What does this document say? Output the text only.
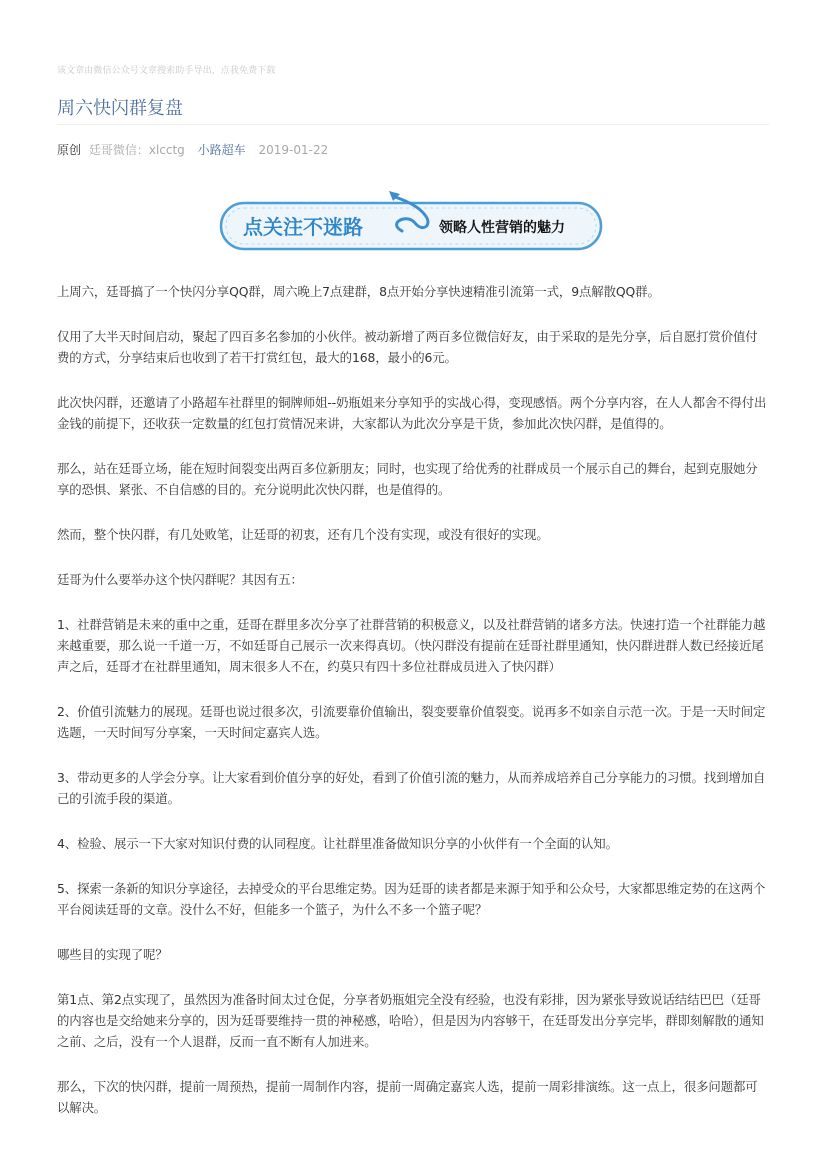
该文章由微信公众号文章搜索助手导出，点我免费下载
周六快闪群复盘
原创 廷哥微信：xlcctg 小路超车 2019-01-22
点关注不迷路	领略人性营销的魅力

上周六，廷哥搞了一个快闪分享QQ群，周六晚上7点建群，8点开始分享快速精准引流第一式，9点解散QQ群。

仅用了大半天时间启动，聚起了四百多名参加的小伙伴。被动新增了两百多位微信好友，由于采取的是先分享，后自愿打赏价值付费的方式，分享结束后也收到了若干打赏红包，最大的168，最小的6元。

此次快闪群，还邀请了小路超车社群里的铜牌师姐--奶瓶姐来分享知乎的实战心得，变现感悟。两个分享内容，在人人都舍不得付出金钱的前提下，还收获一定数量的红包打赏情况来讲，大家都认为此次分享是干货，参加此次快闪群，是值得的。

那么，站在廷哥立场，能在短时间裂变出两百多位新朋友；同时，也实现了给优秀的社群成员一个展示自己的舞台，起到克服她分享的恐惧、紧张、不自信感的目的。充分说明此次快闪群，也是值得的。

然而，整个快闪群，有几处败笔，让廷哥的初衷，还有几个没有实现，或没有很好的实现。

廷哥为什么要举办这个快闪群呢？其因有五：

1、社群营销是未来的重中之重，廷哥在群里多次分享了社群营销的积极意义，以及社群营销的诸多方法。快速打造一个社群能力越来越重要，那么说一千道一万，不如廷哥自己展示一次来得真切。（快闪群没有提前在廷哥社群里通知，快闪群进群人数已经接近尾声之后，廷哥才在社群里通知，周末很多人不在，约莫只有四十多位社群成员进入了快闪群）

2、价值引流魅力的展现。廷哥也说过很多次，引流要靠价值输出，裂变要靠价值裂变。说再多不如亲自示范一次。于是一天时间定选题，一天时间写分享案，一天时间定嘉宾人选。

3、带动更多的人学会分享。让大家看到价值分享的好处，看到了价值引流的魅力，从而养成培养自己分享能力的习惯。找到增加自己的引流手段的渠道。

4、检验、展示一下大家对知识付费的认同程度。让社群里准备做知识分享的小伙伴有一个全面的认知。

5、探索一条新的知识分享途径，去掉受众的平台思维定势。因为廷哥的读者都是来源于知乎和公众号，大家都思维定势的在这两个平台阅读廷哥的文章。没什么不好，但能多一个篮子，为什么不多一个篮子呢？

哪些目的实现了呢？

第1点、第2点实现了，虽然因为准备时间太过仓促，分享者奶瓶姐完全没有经验，也没有彩排，因为紧张导致说话结结巴巴（廷哥的内容也是交给她来分享的，因为廷哥要维持一贯的神秘感，哈哈），但是因为内容够干，在廷哥发出分享完毕，群即刻解散的通知之前、之后，没有一个人退群，反而一直不断有人加进来。

那么，下次的快闪群，提前一周预热，提前一周制作内容，提前一周确定嘉宾人选，提前一周彩排演练。这一点上，很多问题都可以解决。
